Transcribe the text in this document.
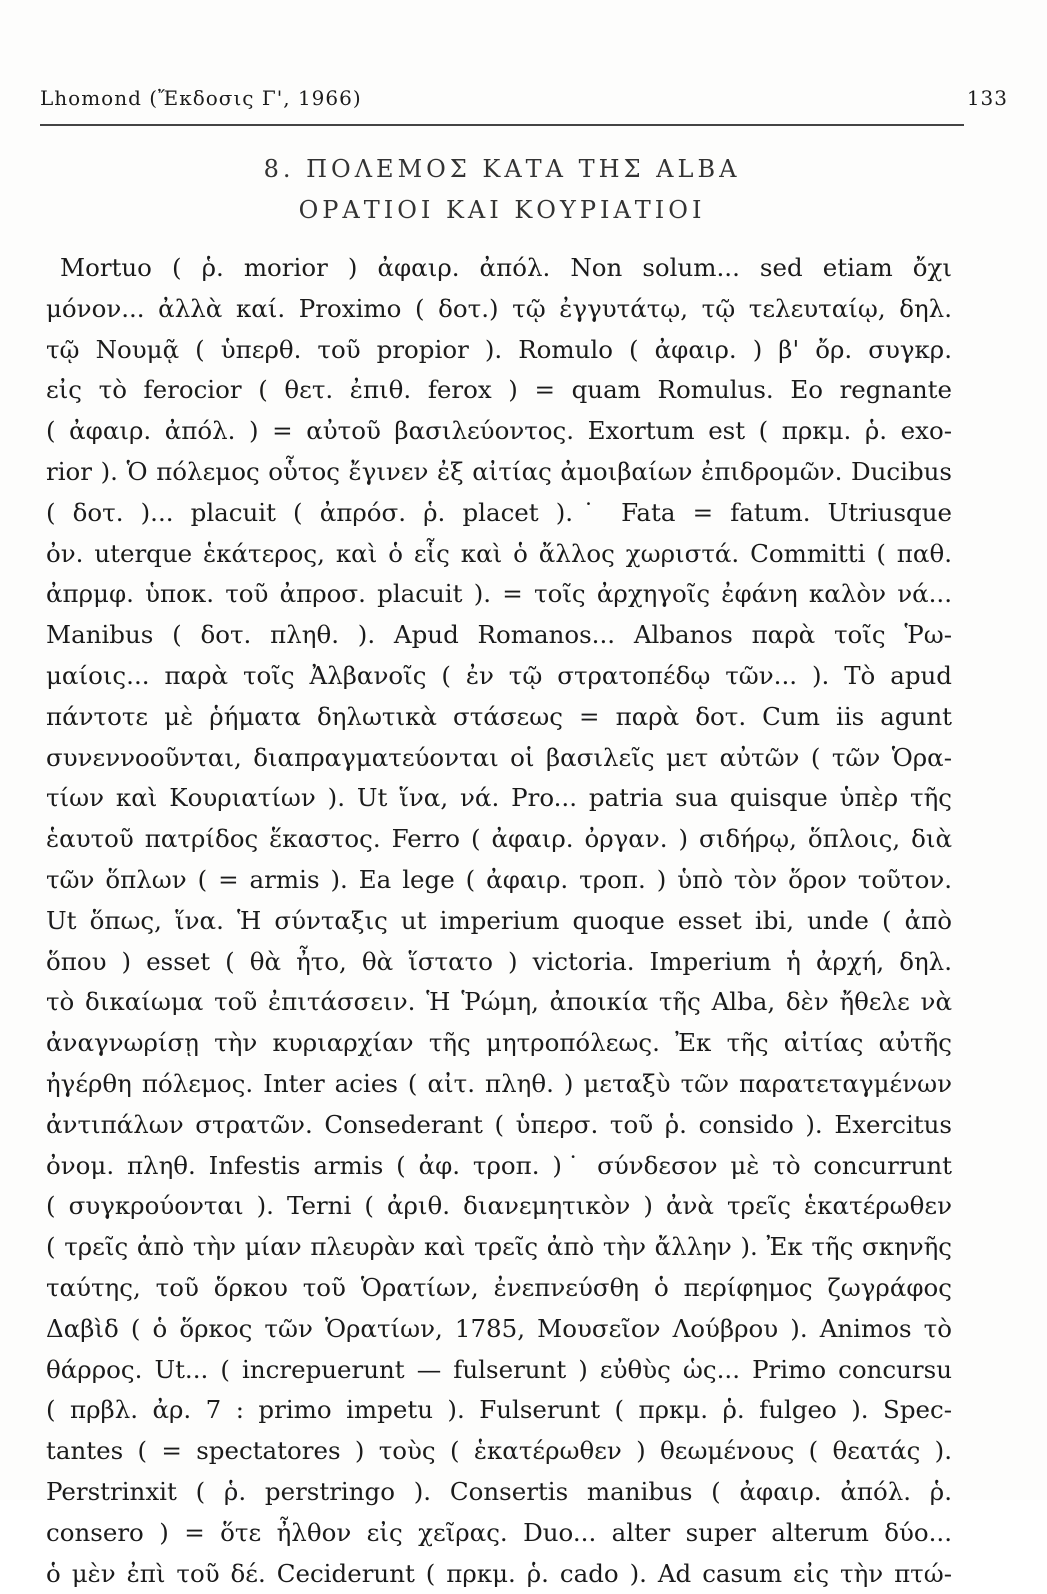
Lhomond (Ἔκδοσις Γ', 1966)	133
8. ΠΟΛΕΜΟΣ ΚΑΤΑ ΤΗΣ ALBA
ΟΡΑΤΙΟΙ ΚΑΙ ΚΟΥΡΙΑΤΙΟΙ
Mortuo ( ῥ. morior ) ἀφαιρ. ἀπόλ. Non solum... sed etiam ὄχι
μόνον... ἀλλὰ καί. Proximo ( δοτ.) τῷ ἐγγυτάτῳ, τῷ τελευταίῳ, δηλ.
τῷ Νουμᾷ ( ὑπερθ. τοῦ propior ). Romulo ( ἀφαιρ. ) β' ὄρ. συγκρ.
εἰς τὸ ferocior ( θετ. ἐπιθ. ferox ) = quam Romulus. Eo regnante
( ἀφαιρ. ἀπόλ. ) = αὐτοῦ βασιλεύοντος. Exortum est ( πρκμ. ῥ. exo-
rior ). Ὁ πόλεμος οὗτος ἔγινεν ἐξ αἰτίας ἀμοιβαίων ἐπιδρομῶν. Ducibus
( δοτ. )... placuit ( ἀπρόσ. ῥ. placet ).˙ Fata = fatum. Utriusque
ὀν. uterque ἑκάτερος, καὶ ὁ εἷς καὶ ὁ ἄλλος χωριστά. Committi ( παθ.
ἀπρμφ. ὑποκ. τοῦ ἀπροσ. placuit ). = τοῖς ἀρχηγοῖς ἐφάνη καλὸν νά...
Manibus ( δοτ. πληθ. ). Apud Romanos... Albanos παρὰ τοῖς Ῥω-
μαίοις... παρὰ τοῖς Ἀλβανοῖς ( ἐν τῷ στρατοπέδῳ τῶν... ). Τὸ apud
πάντοτε μὲ ῥήματα δηλωτικὰ στάσεως = παρὰ δοτ. Cum iis agunt
συνεννοοῦνται, διαπραγματεύονται οἱ βασιλεῖς μετ αὐτῶν ( τῶν Ὁρα-
τίων καὶ Κουριατίων ). Ut ἵνα, νά. Pro... patria sua quisque ὑπὲρ τῆς
ἑαυτοῦ πατρίδος ἕκαστος. Ferro ( ἀφαιρ. ὀργαν. ) σιδήρῳ, ὅπλοις, διὰ
τῶν ὅπλων ( = armis ). Ea lege ( ἀφαιρ. τροπ. ) ὑπὸ τὸν ὅρον τοῦτον.
Ut ὅπως, ἵνα. Ἡ σύνταξις ut imperium quoque esset ibi, unde ( ἀπὸ
ὅπου ) esset ( θὰ ἦτο, θὰ ἵστατο ) victoria. Imperium ἡ ἀρχή, δηλ.
τὸ δικαίωμα τοῦ ἐπιτάσσειν. Ἡ Ῥώμη, ἀποικία τῆς Alba, δὲν ἤθελε νὰ
ἀναγνωρίσῃ τὴν κυριαρχίαν τῆς μητροπόλεως. Ἐκ τῆς αἰτίας αὐτῆς
ἠγέρθη πόλεμος. Inter acies ( αἰτ. πληθ. ) μεταξὺ τῶν παρατεταγμένων
ἀντιπάλων στρατῶν. Consederant ( ὑπερσ. τοῦ ῥ. consido ). Exercitus
ὀνομ. πληθ. Infestis armis ( ἀφ. τροπ. )˙ σύνδεσον μὲ τὸ concurrunt
( συγκρούονται ). Terni ( ἀριθ. διανεμητικὸν ) ἀνὰ τρεῖς ἑκατέρωθεν
( τρεῖς ἀπὸ τὴν μίαν πλευρὰν καὶ τρεῖς ἀπὸ τὴν ἄλλην ). Ἐκ τῆς σκηνῆς
ταύτης, τοῦ ὅρκου τοῦ Ὁρατίων, ἐνεπνεύσθη ὁ περίφημος ζωγράφος
Δαβὶδ ( ὁ ὅρκος τῶν Ὁρατίων, 1785, Μουσεῖον Λούβρου ). Animos τὸ
θάρρος. Ut... ( increpuerunt — fulserunt ) εὐθὺς ὡς... Primo concursu
( πρβλ. ἀρ. 7 : primo impetu ). Fulserunt ( πρκμ. ῥ. fulgeo ). Spec-
tantes ( = spectatores ) τοὺς ( ἑκατέρωθεν ) θεωμένους ( θεατάς ).
Perstrinxit ( ῥ. perstringo ). Consertis manibus ( ἀφαιρ. ἀπόλ. ῥ.
consero ) = ὅτε ἦλθον εἰς χεῖρας. Duo... alter super alterum δύο...
ὁ μὲν ἐπὶ τοῦ δέ. Ceciderunt ( πρκμ. ῥ. cado ). Ad casum εἰς τὴν πτώ-
